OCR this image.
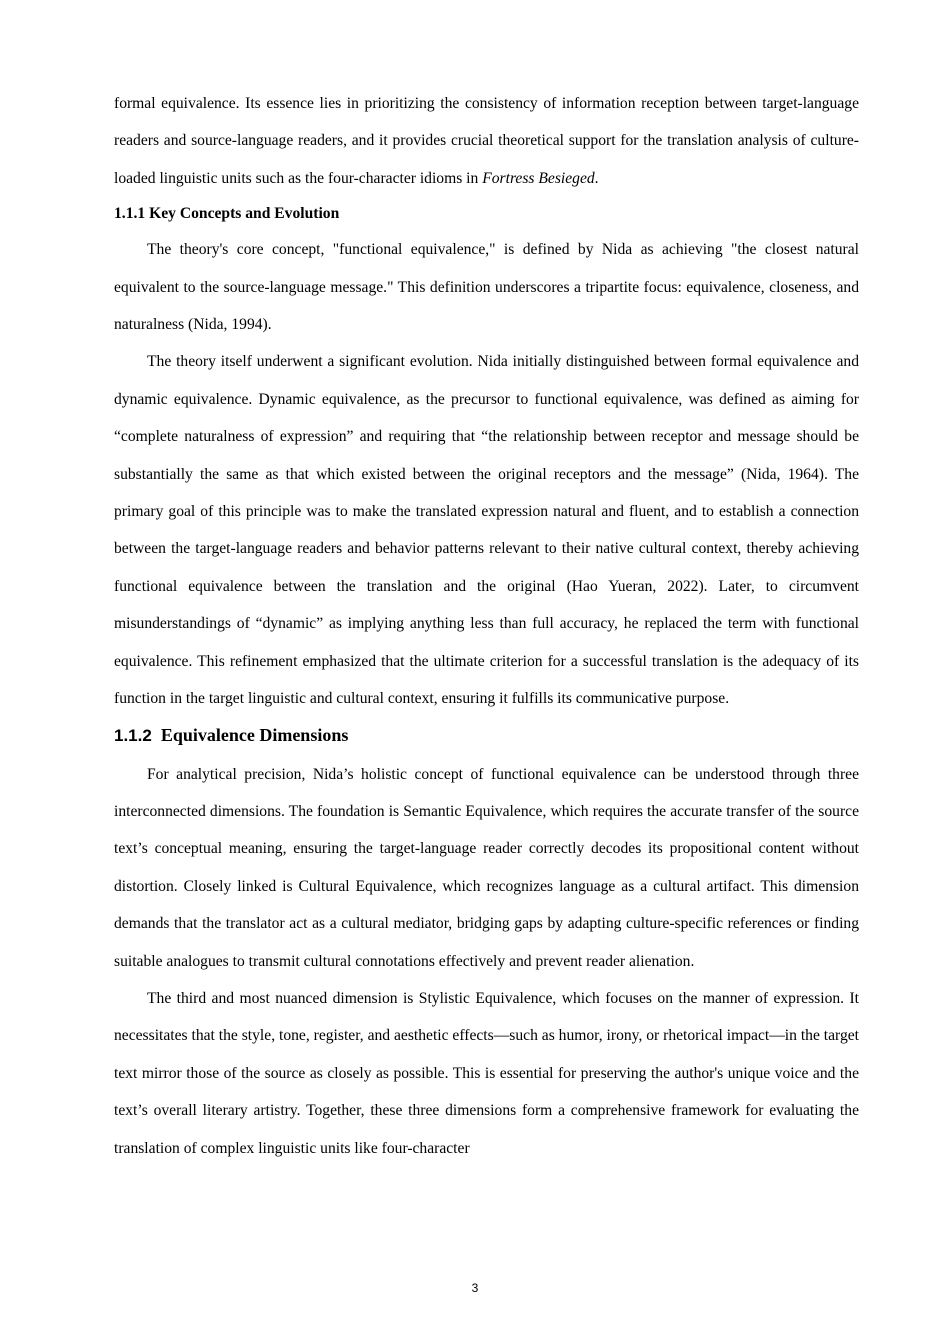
formal equivalence. Its essence lies in prioritizing the consistency of information reception between target-language readers and source-language readers, and it provides crucial theoretical support for the translation analysis of culture-loaded linguistic units such as the four-character idioms in Fortress Besieged.

1.1.1 Key Concepts and Evolution

The theory's core concept, "functional equivalence," is defined by Nida as achieving "the closest natural equivalent to the source-language message." This definition underscores a tripartite focus: equivalence, closeness, and naturalness (Nida, 1994).

The theory itself underwent a significant evolution. Nida initially distinguished between formal equivalence and dynamic equivalence. Dynamic equivalence, as the precursor to functional equivalence, was defined as aiming for “complete naturalness of expression” and requiring that “the relationship between receptor and message should be substantially the same as that which existed between the original receptors and the message” (Nida, 1964). The primary goal of this principle was to make the translated expression natural and fluent, and to establish a connection between the target-language readers and behavior patterns relevant to their native cultural context, thereby achieving functional equivalence between the translation and the original (Hao Yueran, 2022). Later, to circumvent misunderstandings of “dynamic” as implying anything less than full accuracy, he replaced the term with functional equivalence. This refinement emphasized that the ultimate criterion for a successful translation is the adequacy of its function in the target linguistic and cultural context, ensuring it fulfills its communicative purpose.

1.1.2 Equivalence Dimensions

For analytical precision, Nida’s holistic concept of functional equivalence can be understood through three interconnected dimensions. The foundation is Semantic Equivalence, which requires the accurate transfer of the source text’s conceptual meaning, ensuring the target-language reader correctly decodes its propositional content without distortion. Closely linked is Cultural Equivalence, which recognizes language as a cultural artifact. This dimension demands that the translator act as a cultural mediator, bridging gaps by adapting culture-specific references or finding suitable analogues to transmit cultural connotations effectively and prevent reader alienation.

The third and most nuanced dimension is Stylistic Equivalence, which focuses on the manner of expression. It necessitates that the style, tone, register, and aesthetic effects—such as humor, irony, or rhetorical impact—in the target text mirror those of the source as closely as possible. This is essential for preserving the author's unique voice and the text’s overall literary artistry. Together, these three dimensions form a comprehensive framework for evaluating the translation of complex linguistic units like four-character

3
